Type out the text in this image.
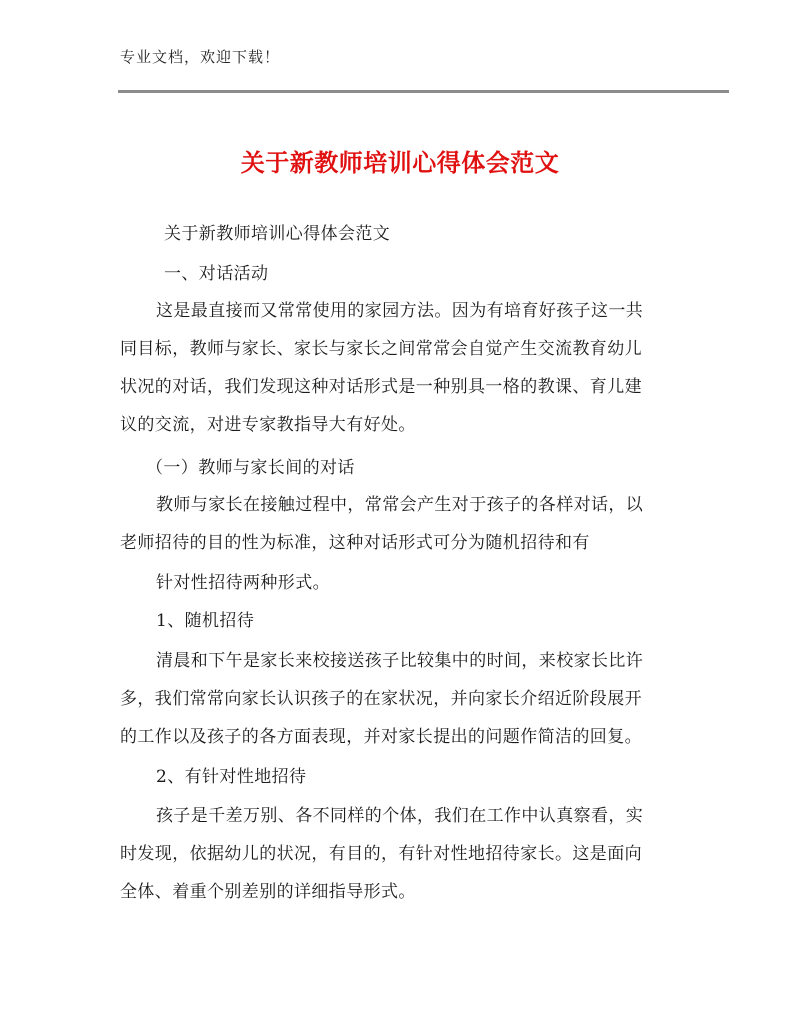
专业文档，欢迎下载！
关于新教师培训心得体会范文
关于新教师培训心得体会范文
一、对话活动
这是最直接而又常常使用的家园方法。因为有培育好孩子这一共
同目标，教师与家长、家长与家长之间常常会自觉产生交流教育幼儿
状况的对话，我们发现这种对话形式是一种别具一格的教课、育儿建
议的交流，对进专家教指导大有好处。
（一）教师与家长间的对话
教师与家长在接触过程中，常常会产生对于孩子的各样对话，以
老师招待的目的性为标准，这种对话形式可分为随机招待和有
针对性招待两种形式。
1、随机招待
清晨和下午是家长来校接送孩子比较集中的时间，来校家长比许
多，我们常常向家长认识孩子的在家状况，并向家长介绍近阶段展开
的工作以及孩子的各方面表现，并对家长提出的问题作简洁的回复。
2、有针对性地招待
孩子是千差万别、各不同样的个体，我们在工作中认真察看，实
时发现，依据幼儿的状况，有目的，有针对性地招待家长。这是面向
全体、着重个别差别的详细指导形式。
